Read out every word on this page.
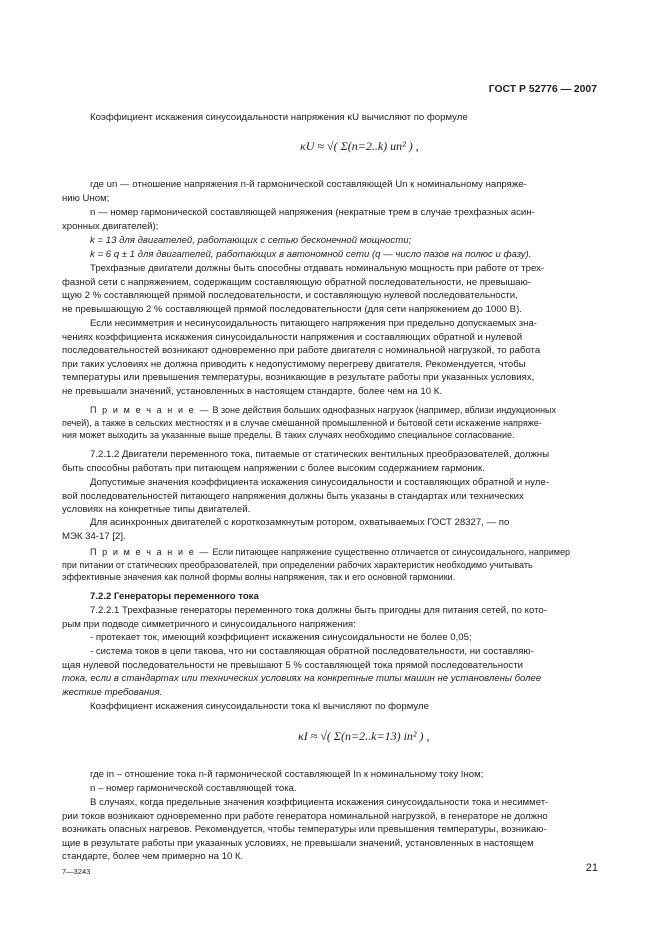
ГОСТ Р 52776 — 2007
Коэффициент искажения синусоидальности напряжения κU вычисляют по формуле
κU ≈ √( Σ(n=2..k) un² ) ,
где un — отношение напряжения n-й гармонической составляющей Un к номинальному напряже-
нию Uном;
n — номер гармонической составляющей напряжения (некратные трем в случае трехфазных асин-
хронных двигателей);
k = 13 для двигателей, работающих с сетью бесконечной мощности;
k = 6 q ± 1 для двигателей, работающих в автономной сети (q — число пазов на полюс и фазу).
Трехфазные двигатели должны быть способны отдавать номинальную мощность при работе от трех-
фазной сети с напряжением, содержащим составляющую обратной последовательности, не превышаю-
щую 2 % составляющей прямой последовательности, и составляющую нулевой последовательности,
не превышающую 2 % составляющей прямой последовательности (для сети напряжением до 1000 В).
Если несимметрия и несинусоидальность питающего напряжения при предельно допускаемых зна-
чениях коэффициента искажения синусоидальности напряжения и составляющих обратной и нулевой
последовательностей возникают одновременно при работе двигателя с номинальной нагрузкой, то работа
при таких условиях не должна приводить к недопустимому перегреву двигателя. Рекомендуется, чтобы
температуры или превышения температуры, возникающие в результате работы при указанных условиях,
не превышали значений, установленных в настоящем стандарте, более чем на 10 К.
П р и м е ч а н и е — В зоне действия больших однофазных нагрузок (например, вблизи индукционных
печей), а также в сельских местностях и в случае смешанной промышленной и бытовой сети искажение напряже-
ния может выходить за указанные выше пределы. В таких случаях необходимо специальное согласование.
7.2.1.2 Двигатели переменного тока, питаемые от статических вентильных преобразователей, должны
быть способны работать при питающем напряжении с более высоким содержанием гармоник.
Допустимые значения коэффициента искажения синусоидальности и составляющих обратной и нуле-
вой последовательностей питающего напряжения должны быть указаны в стандартах или технических
условиях на конкретные типы двигателей.
Для асинхронных двигателей с короткозамкнутым ротором, охватываемых ГОСТ 28327, — по
МЭК 34-17 [2].
П р и м е ч а н и е — Если питающее напряжение существенно отличается от синусоидального, например
при питании от статических преобразователей, при определении рабочих характеристик необходимо учитывать
эффективные значения как полной формы волны напряжения, так и его основной гармоники.
7.2.2 Генераторы переменного тока
7.2.2.1 Трехфазные генераторы переменного тока должны быть пригодны для питания сетей, по кото-
рым при подводе симметричного и синусоидального напряжения:
- протекает ток, имеющий коэффициент искажения синусоидальности не более 0,05;
- система токов в цепи такова, что ни составляющая обратной последовательности, ни составляю-
щая нулевой последовательности не превышают 5 % составляющей тока прямой последовательности
тока, если в стандартах или технических условиях на конкретные типы машин не установлены более
жесткие требования.
Коэффициент искажения синусоидальности тока κI вычисляют по формуле
κI ≈ √( Σ(n=2..k=13) in² ) ,
где in – отношение тока n-й гармонической составляющей In к номинальному току Iном;
n – номер гармонической составляющей тока.
В случаях, когда предельные значения коэффициента искажения синусоидальности тока и несиммет-
рии токов возникают одновременно при работе генератора номинальной нагрузкой, в генераторе не должно
возникать опасных нагревов. Рекомендуется, чтобы температуры или превышения температуры, возникаю-
щие в результате работы при указанных условиях, не превышали значений, установленных в настоящем
стандарте, более чем примерно на 10 К.
7—3243	21
